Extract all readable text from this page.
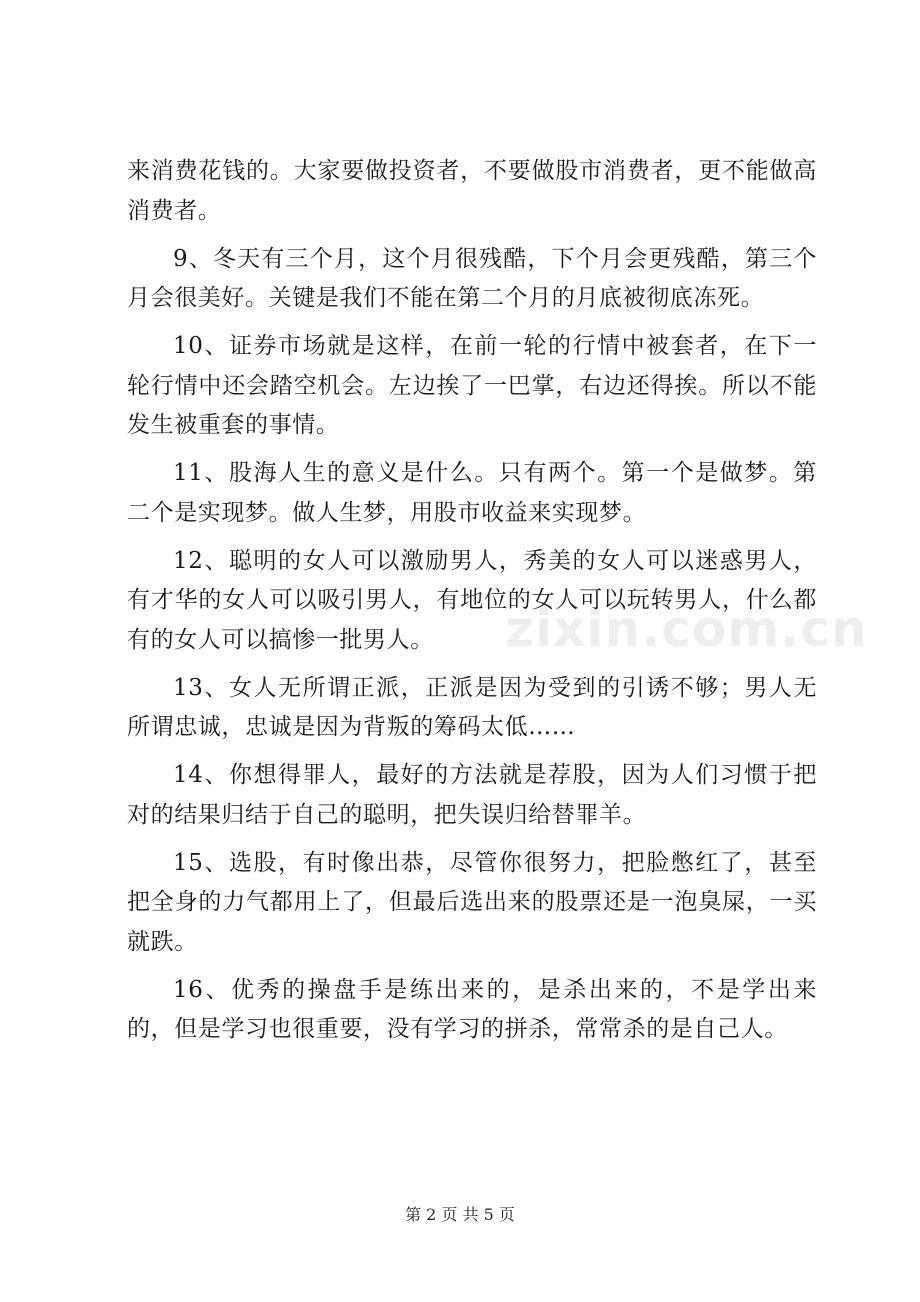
zixin.com.cn

来消费花钱的。大家要做投资者，不要做股市消费者，更不能做高消费者。

9、冬天有三个月，这个月很残酷，下个月会更残酷，第三个月会很美好。关键是我们不能在第二个月的月底被彻底冻死。

10、证券市场就是这样，在前一轮的行情中被套者，在下一轮行情中还会踏空机会。左边挨了一巴掌，右边还得挨。所以不能发生被重套的事情。

11、股海人生的意义是什么。只有两个。第一个是做梦。第二个是实现梦。做人生梦，用股市收益来实现梦。

12、聪明的女人可以激励男人，秀美的女人可以迷惑男人，有才华的女人可以吸引男人，有地位的女人可以玩转男人，什么都有的女人可以搞惨一批男人。

13、女人无所谓正派，正派是因为受到的引诱不够；男人无所谓忠诚，忠诚是因为背叛的筹码太低……

14、你想得罪人，最好的方法就是荐股，因为人们习惯于把对的结果归结于自己的聪明，把失误归给替罪羊。

15、选股，有时像出恭，尽管你很努力，把脸憋红了，甚至把全身的力气都用上了，但最后选出来的股票还是一泡臭屎，一买就跌。

16、优秀的操盘手是练出来的，是杀出来的，不是学出来的，但是学习也很重要，没有学习的拼杀，常常杀的是自己人。

第 2 页 共 5 页
